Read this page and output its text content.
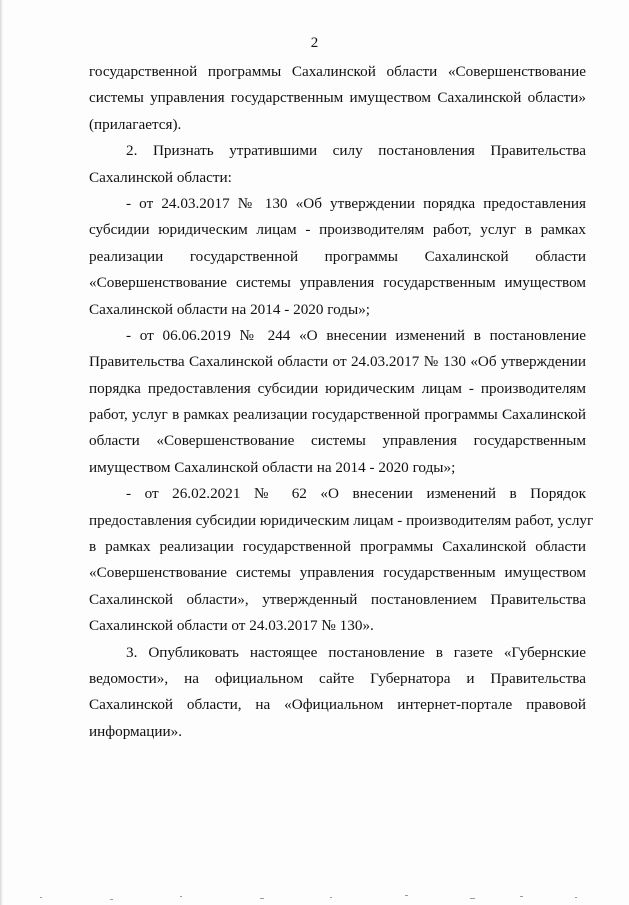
2
государственной программы Сахалинской области «Совершенствование
системы управления государственным имуществом Сахалинской области»
(прилагается).
2. Признать утратившими силу постановления Правительства
Сахалинской области:
- от 24.03.2017 № 130 «Об утверждении порядка предоставления
субсидии юридическим лицам - производителям работ, услуг в рамках
реализации государственной программы Сахалинской области
«Совершенствование системы управления государственным имуществом
Сахалинской области на 2014 - 2020 годы»;
- от 06.06.2019 № 244 «О внесении изменений в постановление
Правительства Сахалинской области от 24.03.2017 № 130 «Об утверждении
порядка предоставления субсидии юридическим лицам - производителям
работ, услуг в рамках реализации государственной программы Сахалинской
области «Совершенствование системы управления государственным
имуществом Сахалинской области на 2014 - 2020 годы»;
- от 26.02.2021 № 62 «О внесении изменений в Порядок
предоставления субсидии юридическим лицам - производителям работ, услуг
в рамках реализации государственной программы Сахалинской области
«Совершенствование системы управления государственным имуществом
Сахалинской области», утвержденный постановлением Правительства
Сахалинской области от 24.03.2017 № 130».
3. Опубликовать настоящее постановление в газете «Губернские
ведомости», на официальном сайте Губернатора и Правительства
Сахалинской области, на «Официальном интернет-портале правовой
информации».
